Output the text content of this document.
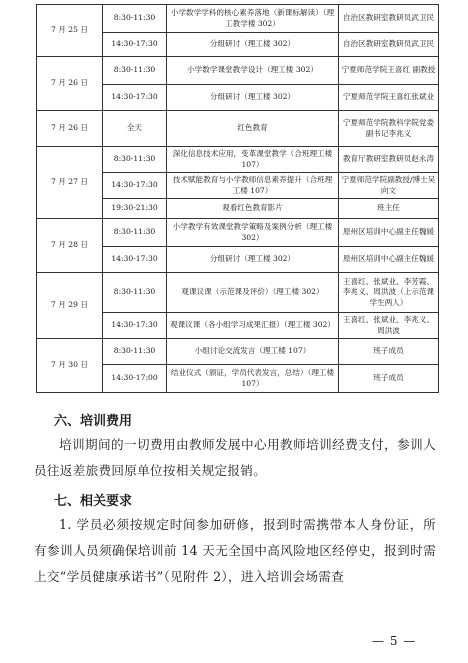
7 月 25 日	8:30-11:30	小学数学学科的核心素养落地（新课标解读）（理工教学楼 302）	自治区教研室教研员武卫民
	14:30-17:30	分组研讨（理工楼 302）	自治区教研室教研员武卫民
7 月 26 日	8:30-11:30	小学数学课堂教学设计（理工楼 302）	宁夏师范学院王喜红 副教授
	14:30-17:30	分组研讨（理工楼 302）	宁夏师范学院王喜红张斌业
7 月 26 日	全天	红色教育	宁夏师范学院教科学院党委副书记李兆义
7 月 27 日	8:30-11:30	深化信息技术应用，变革课堂教学（合班理工楼 107）	教育厅教研室教研员赵永涛
	14:30-17:30	技术赋能教育与小学教师信息素养提升（合班理工楼 107）	宁夏师范学院副教授/博士吴向文
	19:30-21:30	观看红色教育影片	班主任
7 月 28 日	8:30-11:30	小学教学有效课堂教学策略及案例分析（理工楼 302）	原州区培训中心副主任魏媛
	14:30-17:30	分组研讨（理工楼 302）	原州区培训中心副主任魏媛
7 月 29 日	8:30-11:30	观课议课（示范课及评价）（理工楼 302）	王喜红、张斌业、李芳霞、李兆义、周洪波（上示范课学生两人）
	14:30-17:30	观课议课（各小组学习成果汇报）（理工楼 302）	王喜红、张斌业、李兆义、周洪波
7 月 30 日	8:30-11:30	小组讨论交流发言（理工楼 107）	班子成员
	14:30-17:00	结业仪式（颁证，学员代表发言，总结）（理工楼 107）	班子成员
六、培训费用

培训期间的一切费用由教师发展中心用教师培训经费支付，参训人员往返差旅费回原单位按相关规定报销。

七、相关要求

1. 学员必须按规定时间参加研修，报到时需携带本人身份证，所有参训人员须确保培训前 14 天无全国中高风险地区经停史，报到时需上交“学员健康承诺书”（见附件 2），进入培训会场需查

— 5 —
